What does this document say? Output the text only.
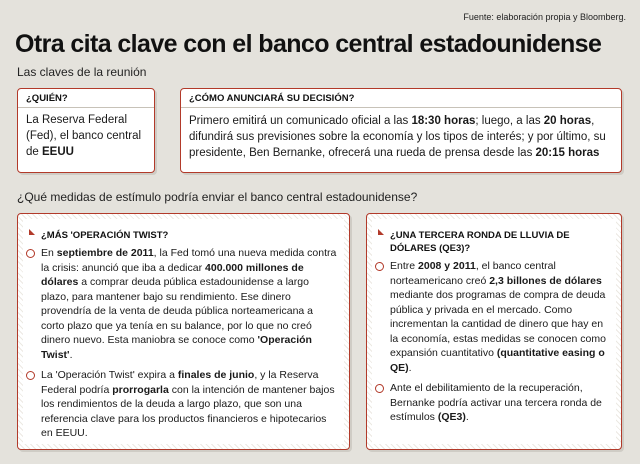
Fuente: elaboración propia y Bloomberg.
Otra cita clave con el banco central estadounidense
Las claves de la reunión
¿QUIÉN?
La Reserva Federal (Fed), el banco central de EEUU
¿CÓMO ANUNCIARÁ SU DECISIÓN?
Primero emitirá un comunicado oficial a las 18:30 horas; luego, a las 20 horas, difundirá sus previsiones sobre la economía y los tipos de interés; y por último, su presidente, Ben Bernanke, ofrecerá una rueda de prensa desde las 20:15 horas
¿Qué medidas de estímulo podría enviar el banco central estadounidense?
¿MÁS 'OPERACIÓN TWIST?
En septiembre de 2011, la Fed tomó una nueva medida contra la crisis: anunció que iba a dedicar 400.000 millones de dólares a comprar deuda pública estadounidense a largo plazo, para mantener bajo su rendimiento. Ese dinero provendría de la venta de deuda pública norteamericana a corto plazo que ya tenía en su balance, por lo que no creó dinero nuevo. Esta maniobra se conoce como 'Operación Twist'.
La 'Operación Twist' expira a finales de junio, y la Reserva Federal podría prorrogarla con la intención de mantener bajos los rendimientos de la deuda a largo plazo, que son una referencia clave para los productos financieros e hipotecarios en EEUU.
¿UNA TERCERA RONDA DE LLUVIA DE DÓLARES (QE3)?
Entre 2008 y 2011, el banco central norteamericano creó 2,3 billones de dólares mediante dos programas de compra de deuda pública y privada en el mercado. Como incrementan la cantidad de dinero que hay en la economía, estas medidas se conocen como expansión cuantitativo (quantitative easing o QE).
Ante el debilitamiento de la recuperación, Bernanke podría activar una tercera ronda de estímulos (QE3).
